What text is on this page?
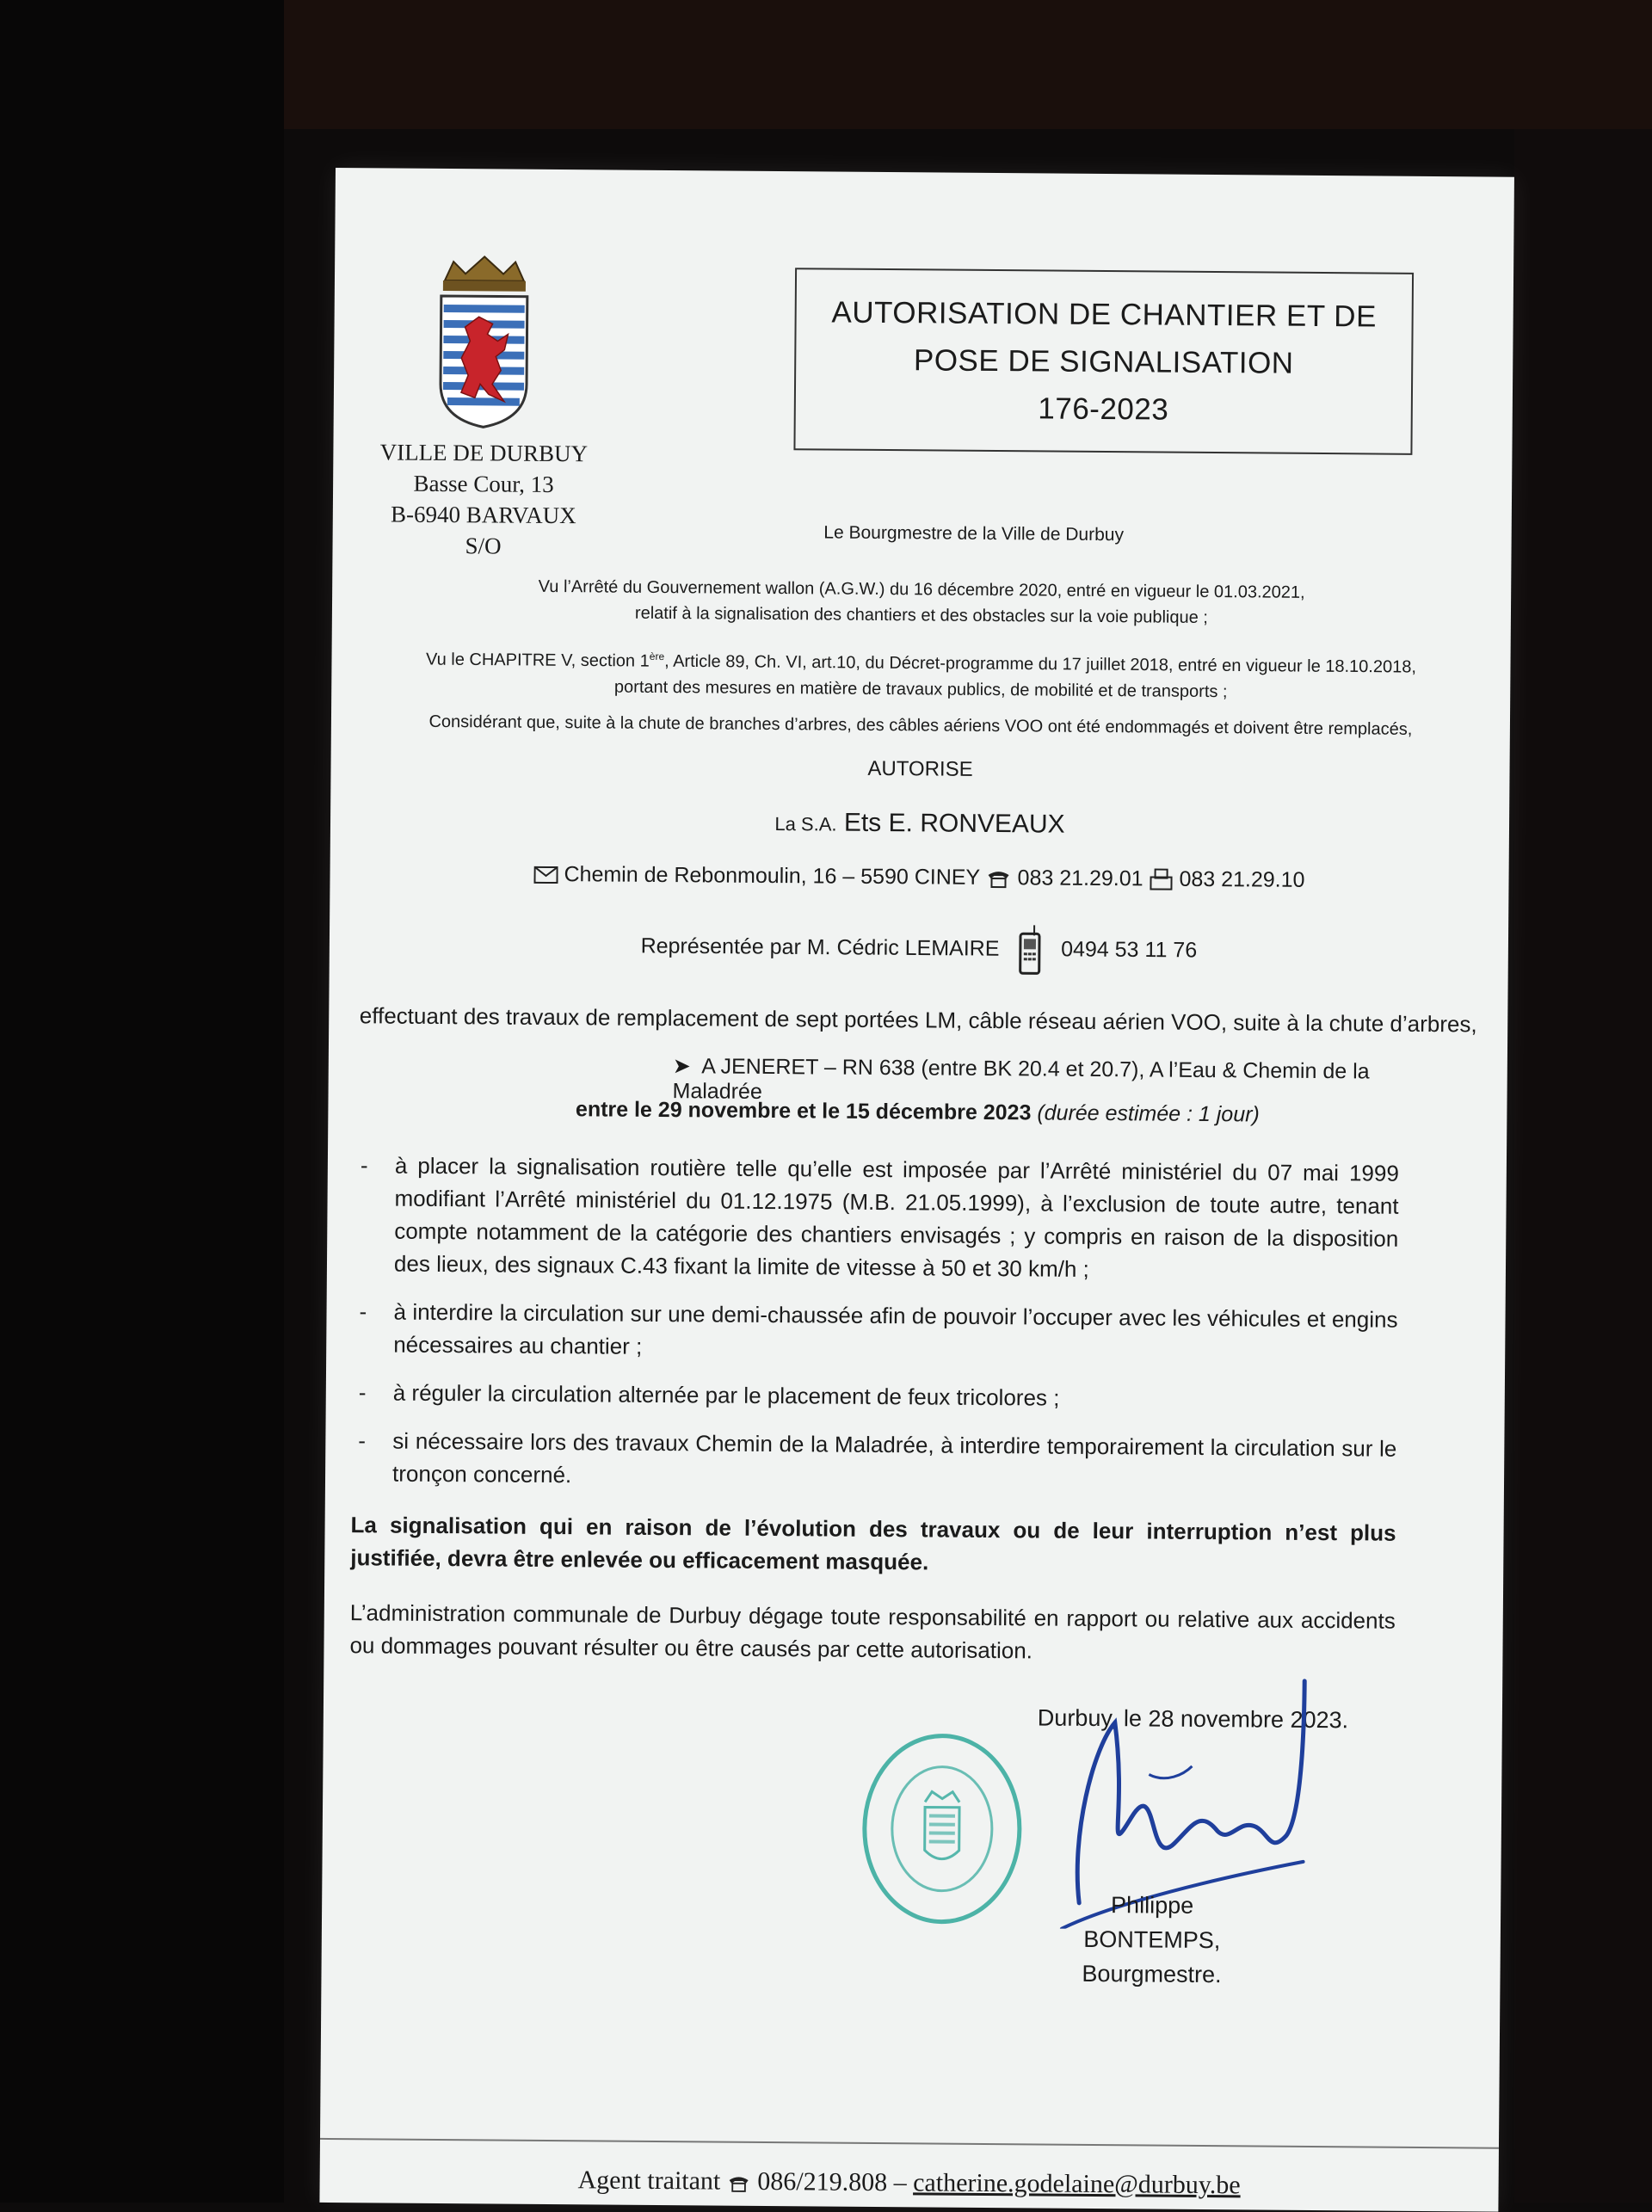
VILLE DE DURBUY
Basse Cour, 13
B-6940 BARVAUX S/O
AUTORISATION DE CHANTIER ET DE
POSE DE SIGNALISATION
176-2023
Le Bourgmestre de la Ville de Durbuy
Vu l’Arrêté du Gouvernement wallon (A.G.W.) du 16 décembre 2020, entré en vigueur le 01.03.2021,
relatif à la signalisation des chantiers et des obstacles sur la voie publique ;
Vu le CHAPITRE V, section 1ère, Article 89, Ch. VI, art.10, du Décret-programme du 17 juillet 2018, entré en vigueur le 18.10.2018,
portant des mesures en matière de travaux publics, de mobilité et de transports ;
Considérant que, suite à la chute de branches d’arbres, des câbles aériens VOO ont été endommagés et doivent être remplacés,
AUTORISE
La S.A. Ets E. RONVEAUX
Chemin de Rebonmoulin, 16 – 5590 CINEY 083 21.29.01 083 21.29.10
Représentée par M. Cédric LEMAIRE	0494 53 11 76
effectuant des travaux de remplacement de sept portées LM, câble réseau aérien VOO, suite à la chute d’arbres,
➤ A JENERET – RN 638 (entre BK 20.4 et 20.7), A l’Eau & Chemin de la Maladrée
entre le 29 novembre et le 15 décembre 2023 (durée estimée : 1 jour)
- à placer la signalisation routière telle qu’elle est imposée par l’Arrêté ministériel du 07 mai 1999 modifiant l’Arrêté ministériel du 01.12.1975 (M.B. 21.05.1999), à l’exclusion de toute autre, tenant compte notamment de la catégorie des chantiers envisagés ; y compris en raison de la disposition des lieux, des signaux C.43 fixant la limite de vitesse à 50 et 30 km/h ;
- à interdire la circulation sur une demi-chaussée afin de pouvoir l’occuper avec les véhicules et engins nécessaires au chantier ;
- à réguler la circulation alternée par le placement de feux tricolores ;
- si nécessaire lors des travaux Chemin de la Maladrée, à interdire temporairement la circulation sur le tronçon concerné.
La signalisation qui en raison de l’évolution des travaux ou de leur interruption n’est plus justifiée, devra être enlevée ou efficacement masquée.
L’administration communale de Durbuy dégage toute responsabilité en rapport ou relative aux accidents ou dommages pouvant résulter ou être causés par cette autorisation.
Durbuy, le 28 novembre 2023.
Philippe BONTEMPS,
Bourgmestre.
Agent traitant 086/219.808 – catherine.godelaine@durbuy.be
